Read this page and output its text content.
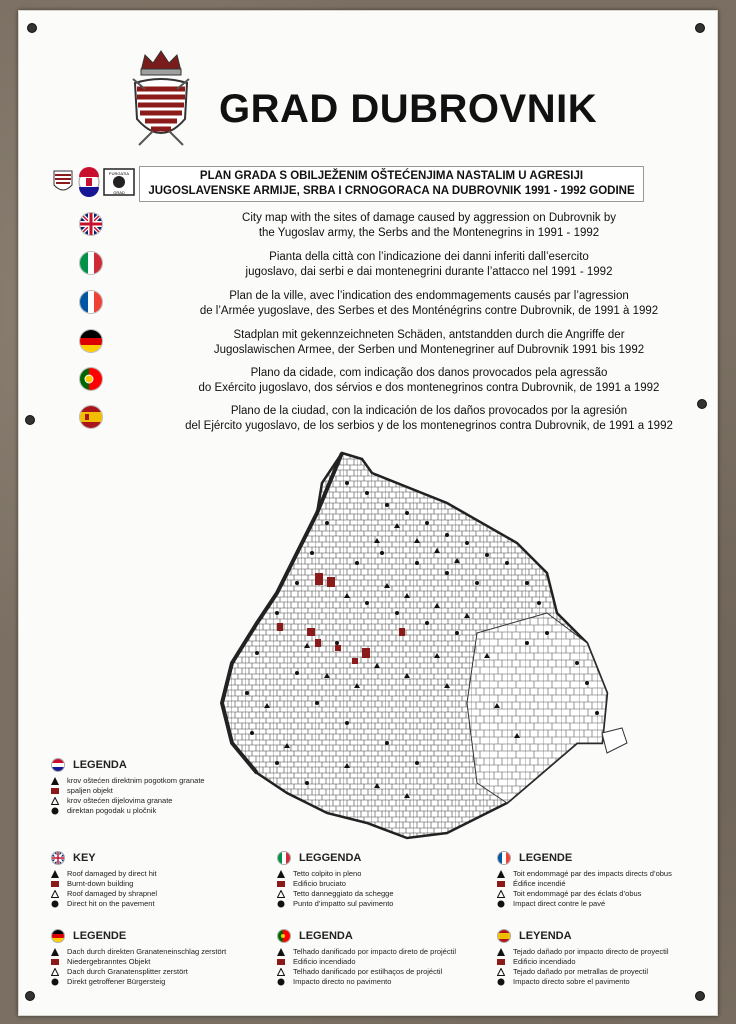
GRAD DUBROVNIK
PURGATIA
GRAD
PLAN GRADA S OBILJEŽENIM OŠTEĆENJIMA NASTALIM U AGRESIJI
JUGOSLAVENSKE ARMIJE, SRBA I CRNOGORACA NA DUBROVNIK 1991 - 1992 GODINE
City map with the sites of damage caused by aggression on Dubrovnik by
the Yugoslav army, the Serbs and the Montenegrins in 1991 - 1992
Pianta della città con l’indicazione dei danni inferiti dall’esercito
jugoslavo, dai serbi e dai montenegrini durante l’attacco nel 1991 - 1992
Plan de la ville, avec l’indication des endommagements causés par l’agression
de l’Armée yugoslave, des Serbes et des Monténégrins contre Dubrovnik, de 1991 à 1992
Stadplan mit gekennzeichneten Schäden, antstandden durch die Angriffe der
Jugoslawischen Armee, der Serben und Montenegriner auf Dubrovnik 1991 bis 1992
Plano da cidade, com indicação dos danos provocados pela agressão
do Exército jugoslavo, dos sérvios e dos montenegrinos contra Dubrovnik, de 1991 a 1992
Plano de la ciudad, con la indicación de los daños provocados por la agresión
del Ejército yugoslavo, de los serbios y de los montenegrinos contra Dubrovnik, de 1991 a 1992
LEGENDA
krov oštećen direktnim pogotkom granate
spaljen objekt
krov oštećen dijelovima granate
direktan pogodak u pločnik
KEY
Roof damaged by direct hit
Burnt-down building
Roof damaged by shrapnel
Direct hit on the pavement
LEGGENDA
Tetto colpito in pleno
Edificio bruciato
Tetto danneggiato da schegge
Punto d’impatto sul pavimento
LEGENDE
Toit endommagé par des impacts directs d’obus
Édifice incendié
Toit endommagé par des éclats d’obus
Impact direct contre le pavé
LEGENDE
Dach durch direkten Granateneinschlag zerstört
Niedergebranntes Objekt
Dach durch Granatensplitter zerstört
Direkt getroffener Bürgersteig
LEGENDA
Telhado danificado por impacto direto de projéctil
Edificio incendiado
Telhado danificado por estilhaços de projéctil
Impacto directo no pavimento
LEYENDA
Tejado dañado por impacto directo de proyectil
Edificio incendiado
Tejado dañado por metrallas de proyectil
Impacto directo sobre el pavimento
